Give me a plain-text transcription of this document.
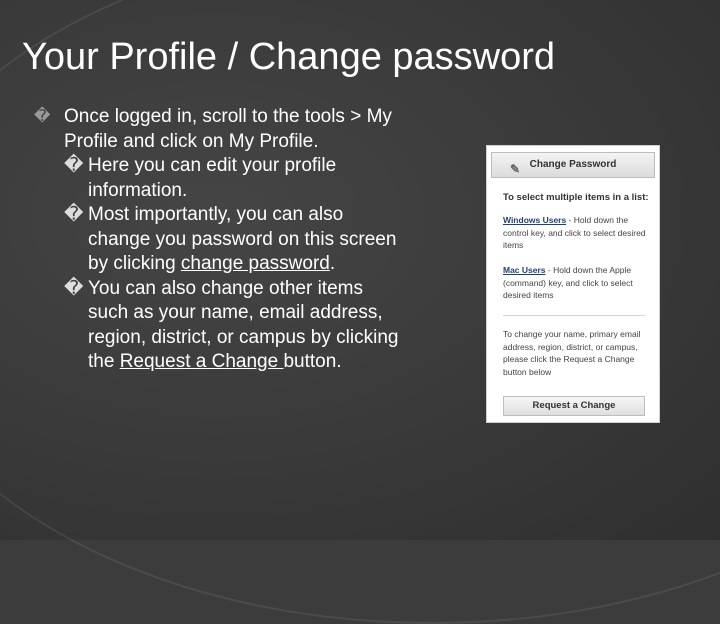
Your Profile / Change password
� Once logged in, scroll to the tools > My Profile and click on My Profile.
� Here you can edit your profile information.
� Most importantly, you can also change you password on this screen by clicking change password.
� You can also change other items such as your name, email address, region, district, or campus by clicking the Request a Change button.
✎ Change Password
To select multiple items in a list:
Windows Users - Hold down the control key, and click to select desired items
Mac Users - Hold down the Apple (command) key, and click to select desired items
To change your name, primary email address, region, district, or campus, please click the Request a Change button below
Request a Change
